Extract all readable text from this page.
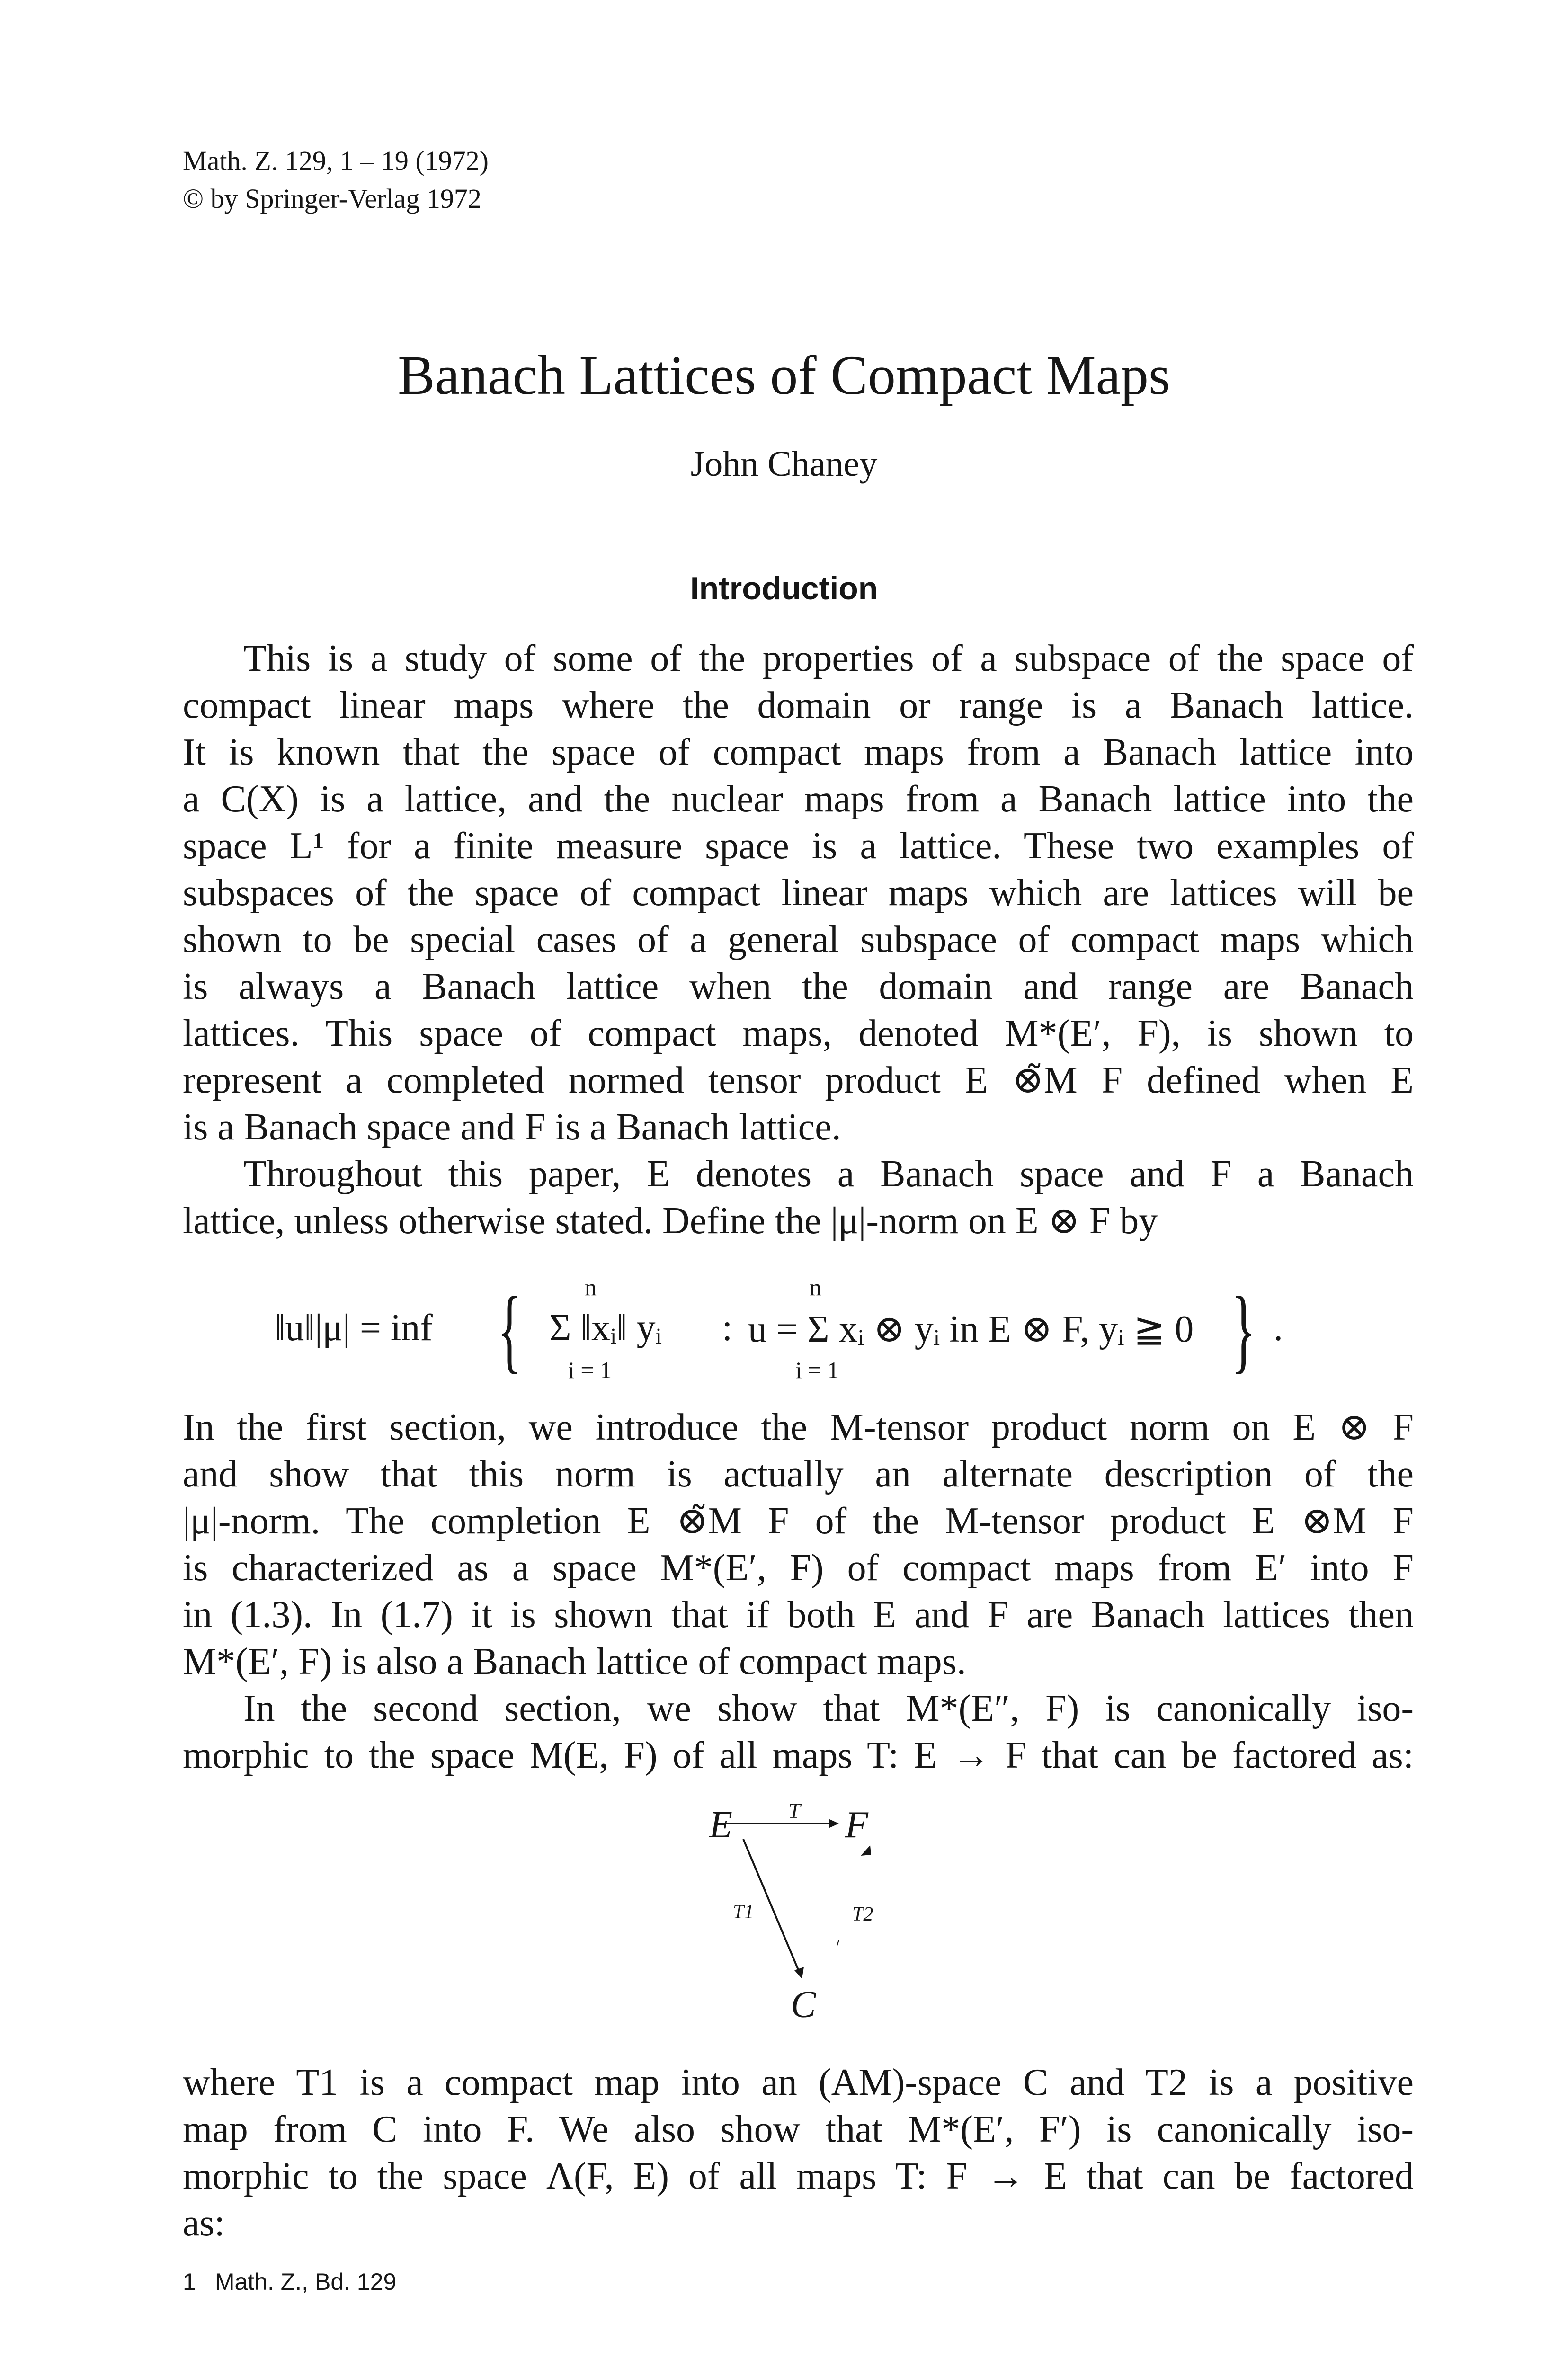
Math. Z. 129, 1 – 19 (1972)
© by Springer-Verlag 1972
Banach Lattices of Compact Maps
John Chaney
Introduction
This is a study of some of the properties of a subspace of the space of
compact linear maps where the domain or range is a Banach lattice.
It is known that the space of compact maps from a Banach lattice into
a C(X) is a lattice, and the nuclear maps from a Banach lattice into the
space L¹ for a finite measure space is a lattice. These two examples of
subspaces of the space of compact linear maps which are lattices will be
shown to be special cases of a general subspace of compact maps which
is always a Banach lattice when the domain and range are Banach
lattices. This space of compact maps, denoted M*(E′, F), is shown to
represent a completed normed tensor product E ⊗̃M F defined when E
is a Banach space and F is a Banach lattice.
Throughout this paper, E denotes a Banach space and F a Banach
lattice, unless otherwise stated. Define the |μ|-norm on E ⊗ F by
‖u‖|μ| = inf {	n
Σ ‖xᵢ‖ yᵢ
i = 1
:
n
u = Σ xᵢ ⊗ yᵢ in E ⊗ F, yᵢ ≧ 0
i = 1	} .
In the first section, we introduce the M-tensor product norm on E ⊗ F
and show that this norm is actually an alternate description of the
|μ|-norm. The completion E ⊗̃M F of the M-tensor product E ⊗M F
is characterized as a space M*(E′, F) of compact maps from E′ into F
in (1.3). In (1.7) it is shown that if both E and F are Banach lattices then
M*(E′, F) is also a Banach lattice of compact maps.
In the second section, we show that M*(E″, F) is canonically iso-
morphic to the space M(E, F) of all maps T: E → F that can be factored as:
E	T F
T1	T2
C
where T1 is a compact map into an (AM)-space C and T2 is a positive
map from C into F. We also show that M*(E′, F′) is canonically iso-
morphic to the space Λ(F, E) of all maps T: F → E that can be factored
as:
1 Math. Z., Bd. 129
